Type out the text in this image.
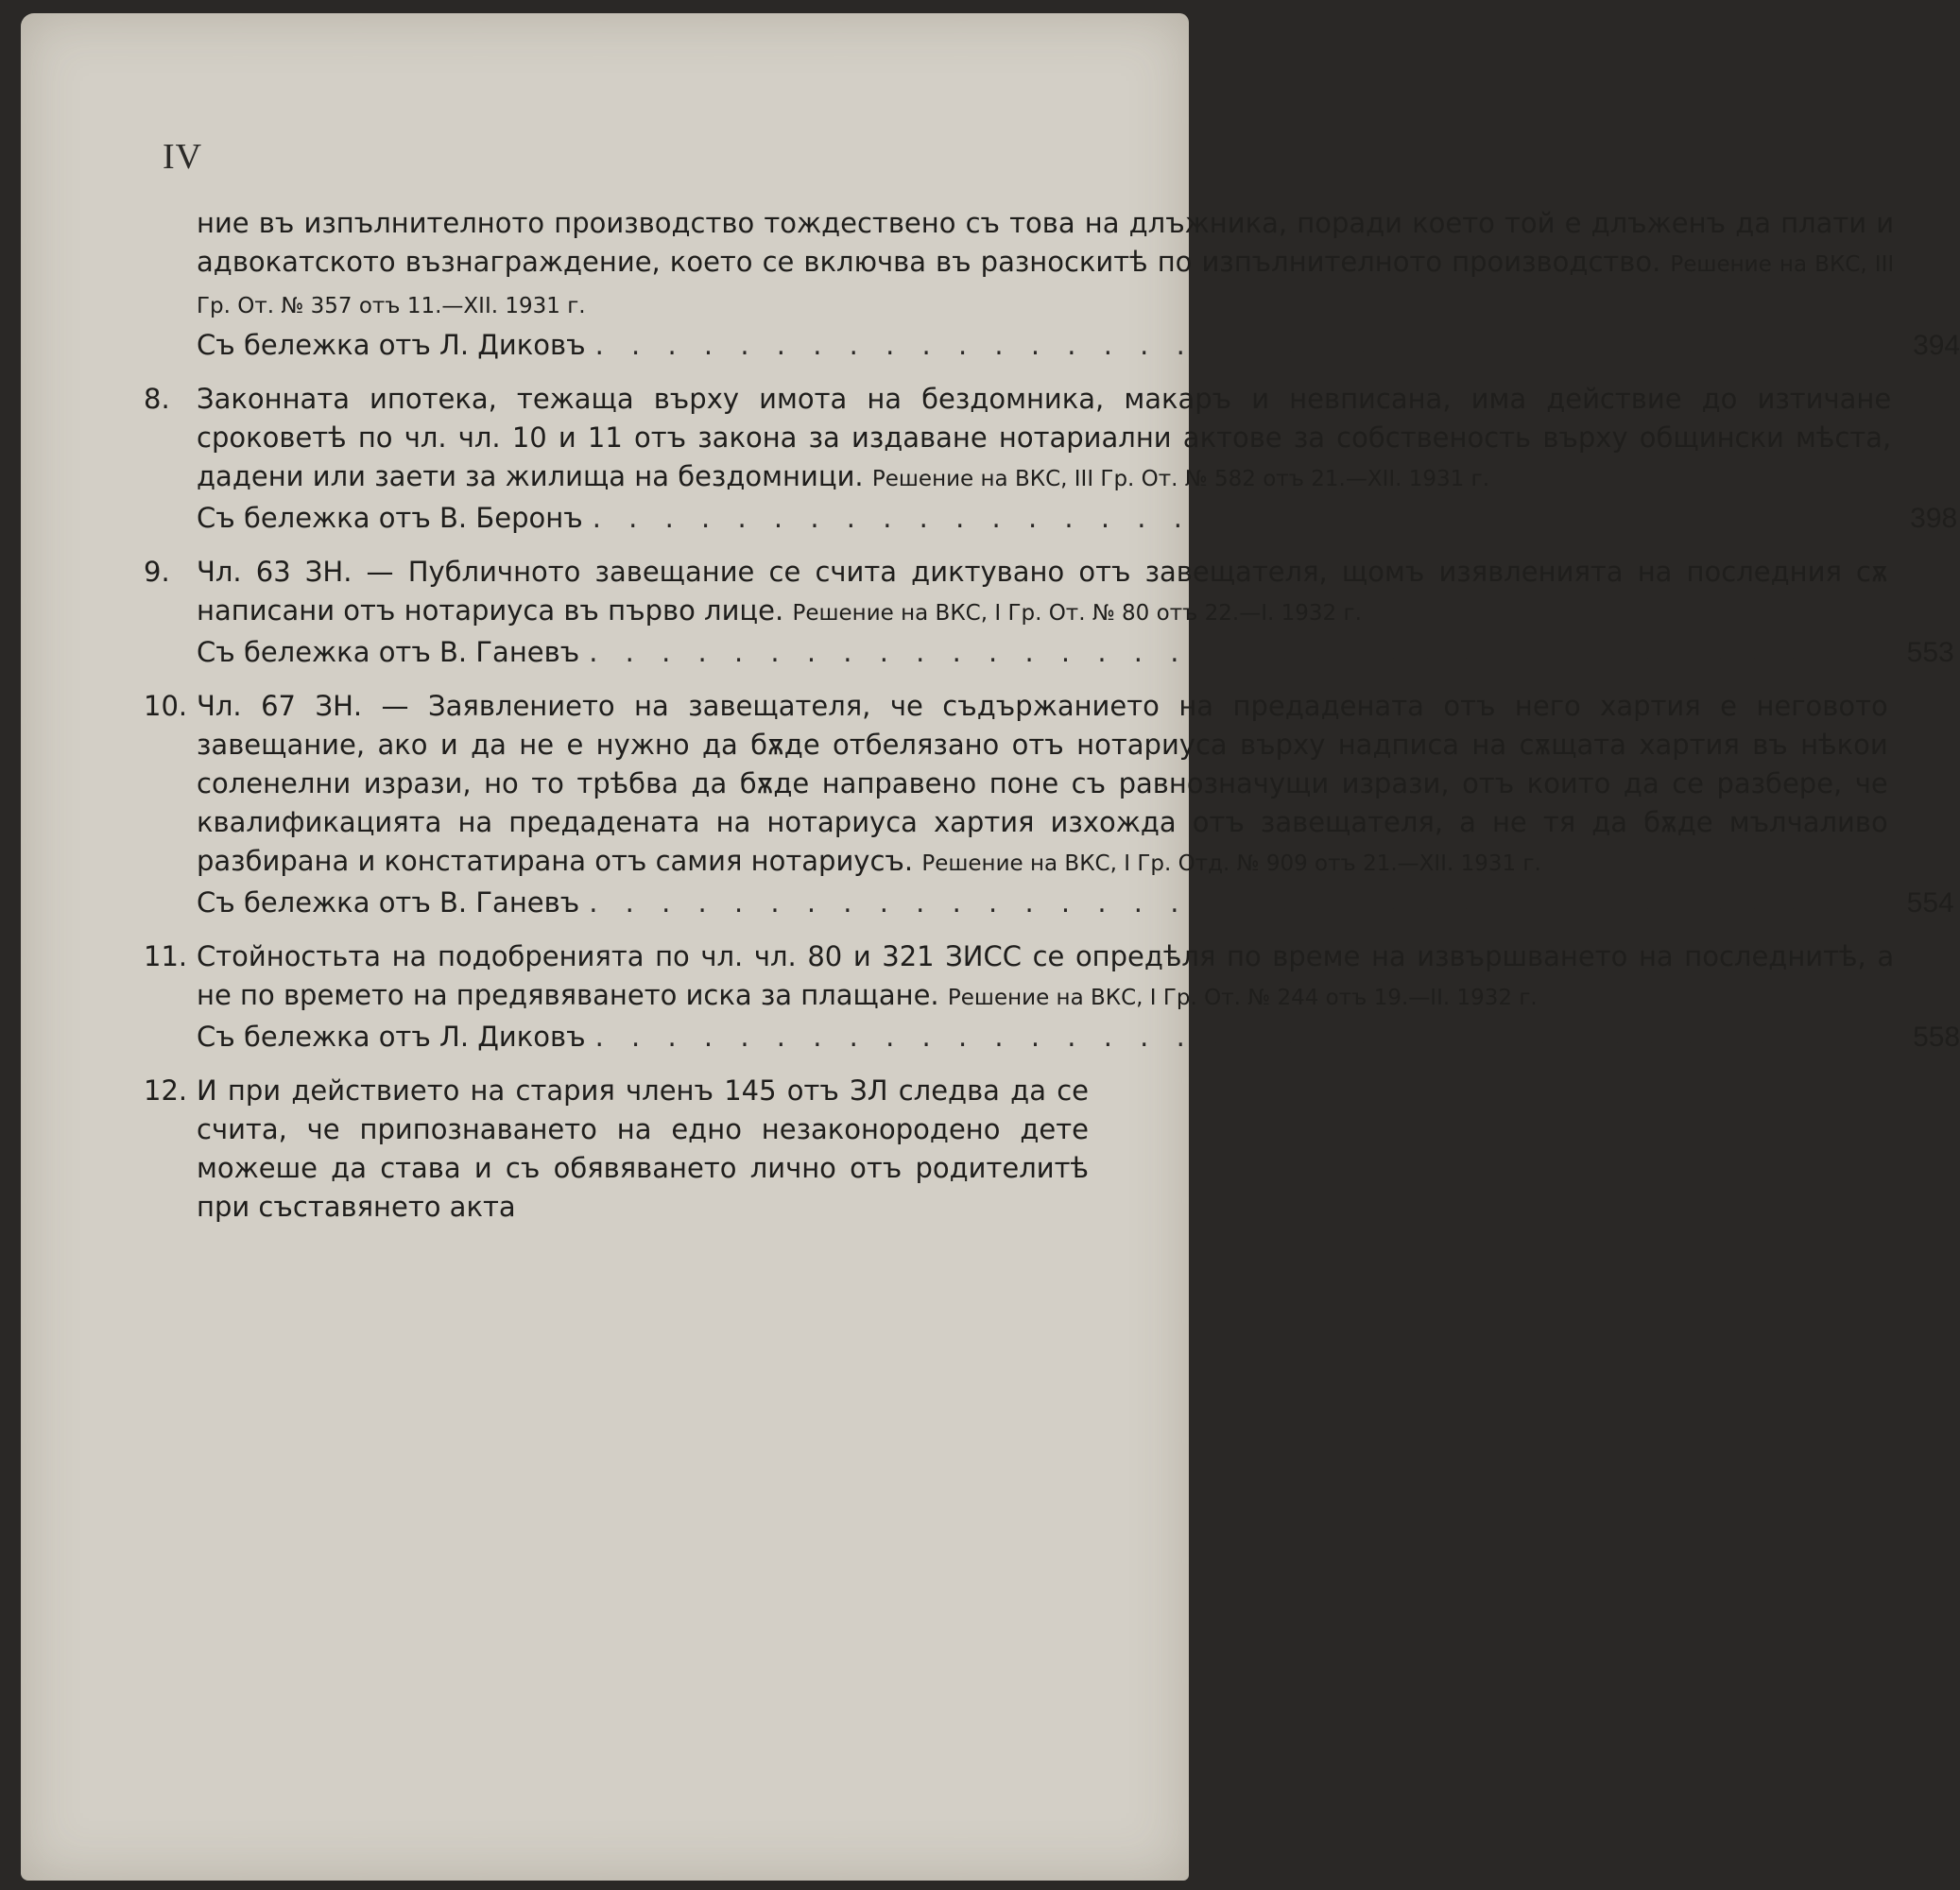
IV
ние въ изпълнителното производство тождествено съ това на длъжника, поради което той е длъженъ да плати и адвокатското възнаграждение, което се включва въ разноскитѣ по изпълнителното производство. Решение на ВКС, III Гр. От. № 357 отъ 11.—XII. 1931 г.
Съ бележка отъ Л. Диковъ . . .	394
8. Законната ипотека, тежаща върху имота на бездомника, макаръ и невписана, има действие до изтичане сроковетѣ по чл. чл. 10 и 11 отъ закона за издаване нотариални актове за собственость върху общински мѣста, дадени или заети за жилища на бездомници. Решение на ВКС, III Гр. От. № 582 отъ 21.—XII. 1931 г.
Съ бележка отъ В. Беронъ . . .	398
9. Чл. 63 ЗН. — Публичното завещание се счита диктувано отъ завещателя, щомъ изявленията на последния сѫ написани отъ нотариуса въ първо лице. Решение на ВКС, I Гр. От. № 80 отъ 22.—I. 1932 г.
Съ бележка отъ В. Ганевъ . . .	553
10. Чл. 67 ЗН. — Заявлението на завещателя, че съдържанието на предадената отъ него хартия е неговото завещание, ако и да не е нужно да бѫде отбелязано отъ нотариуса върху надписа на сѫщата хартия въ нѣкои соленелни изрази, но то трѣбва да бѫде направено поне съ равнозначущи изрази, отъ които да се разбере, че квалификацията на предадената на нотариуса хартия изхожда отъ завещателя, а не тя да бѫде мълчаливо разбирана и констатирана отъ самия нотариусъ. Решение на ВКС, I Гр. Отд. № 909 отъ 21.—XII. 1931 г.
Съ бележка отъ В. Ганевъ . . .	554
11. Стойностьта на подобренията по чл. чл. 80 и 321 ЗИСС се опредѣля по време на извършването на последнитѣ, а не по времето на предявяването иска за плащане. Решение на ВКС, I Гр. От. № 244 отъ 19.—II. 1932 г.
Съ бележка отъ Л. Диковъ . . .	558
12. И при действието на стария членъ 145 отъ ЗЛ следва да се счита, че припознаването на едно незаконородено дете можеше да става и съ обявяването лично отъ родителитѣ при съставянето акта
